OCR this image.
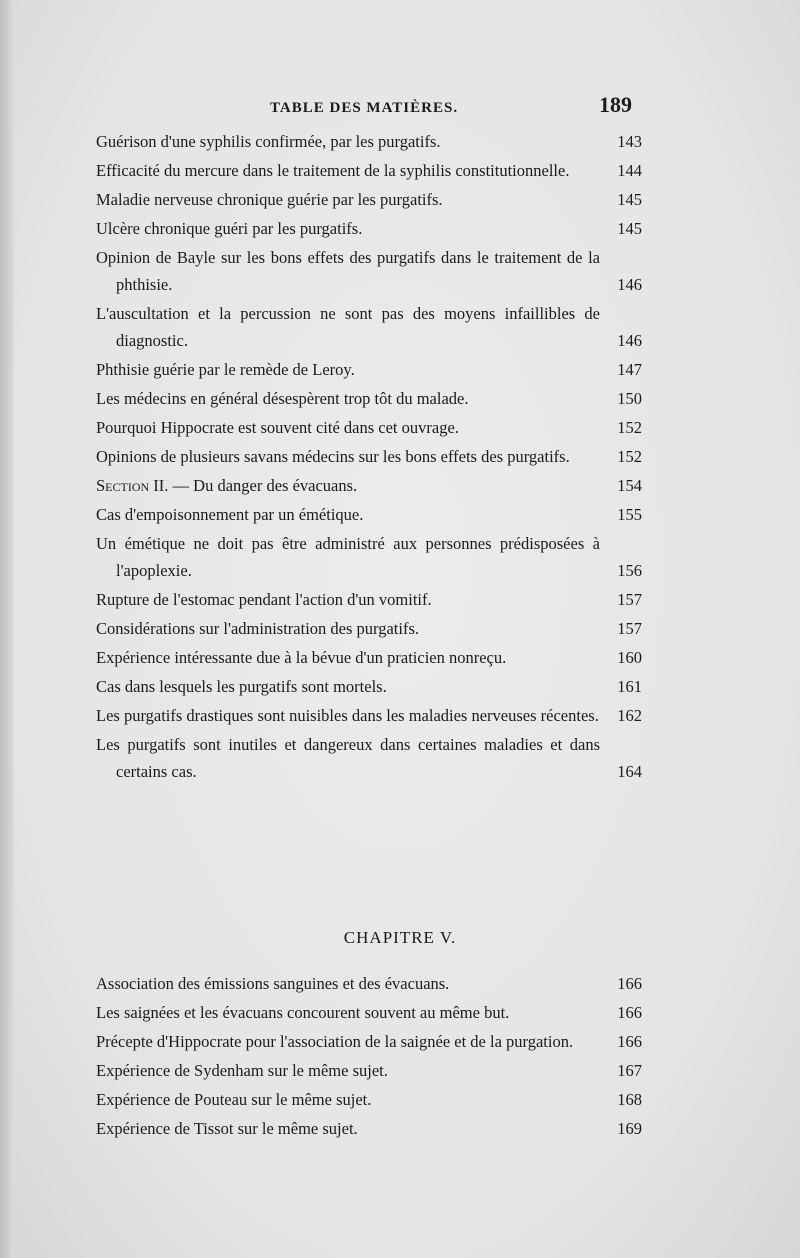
TABLE DES MATIÈRES.	189
Guérison d'une syphilis confirmée, par les purgatifs.	143
Efficacité du mercure dans le traitement de la syphilis constitutionnelle.	144
Maladie nerveuse chronique guérie par les purgatifs.	145
Ulcère chronique guéri par les purgatifs.	145
Opinion de Bayle sur les bons effets des purgatifs dans le traitement de la phthisie.	146
L'auscultation et la percussion ne sont pas des moyens infaillibles de diagnostic.	146
Phthisie guérie par le remède de Leroy.	147
Les médecins en général désespèrent trop tôt du malade.	150
Pourquoi Hippocrate est souvent cité dans cet ouvrage.	152
Opinions de plusieurs savans médecins sur les bons effets des purgatifs.	152
Section II. — Du danger des évacuans.	154
Cas d'empoisonnement par un émétique.	155
Un émétique ne doit pas être administré aux personnes prédisposées à l'apoplexie.	156
Rupture de l'estomac pendant l'action d'un vomitif.	157
Considérations sur l'administration des purgatifs.	157
Expérience intéressante due à la bévue d'un praticien nonreçu.	160
Cas dans lesquels les purgatifs sont mortels.	161
Les purgatifs drastiques sont nuisibles dans les maladies nerveuses récentes. 162
Les purgatifs sont inutiles et dangereux dans certaines maladies et dans certains cas.	164
CHAPITRE V.
Association des émissions sanguines et des évacuans.	166
Les saignées et les évacuans concourent souvent au même but.	166
Précepte d'Hippocrate pour l'association de la saignée et de la purgation.	166
Expérience de Sydenham sur le même sujet.	167
Expérience de Pouteau sur le même sujet.	168
Expérience de Tissot sur le même sujet.	169
